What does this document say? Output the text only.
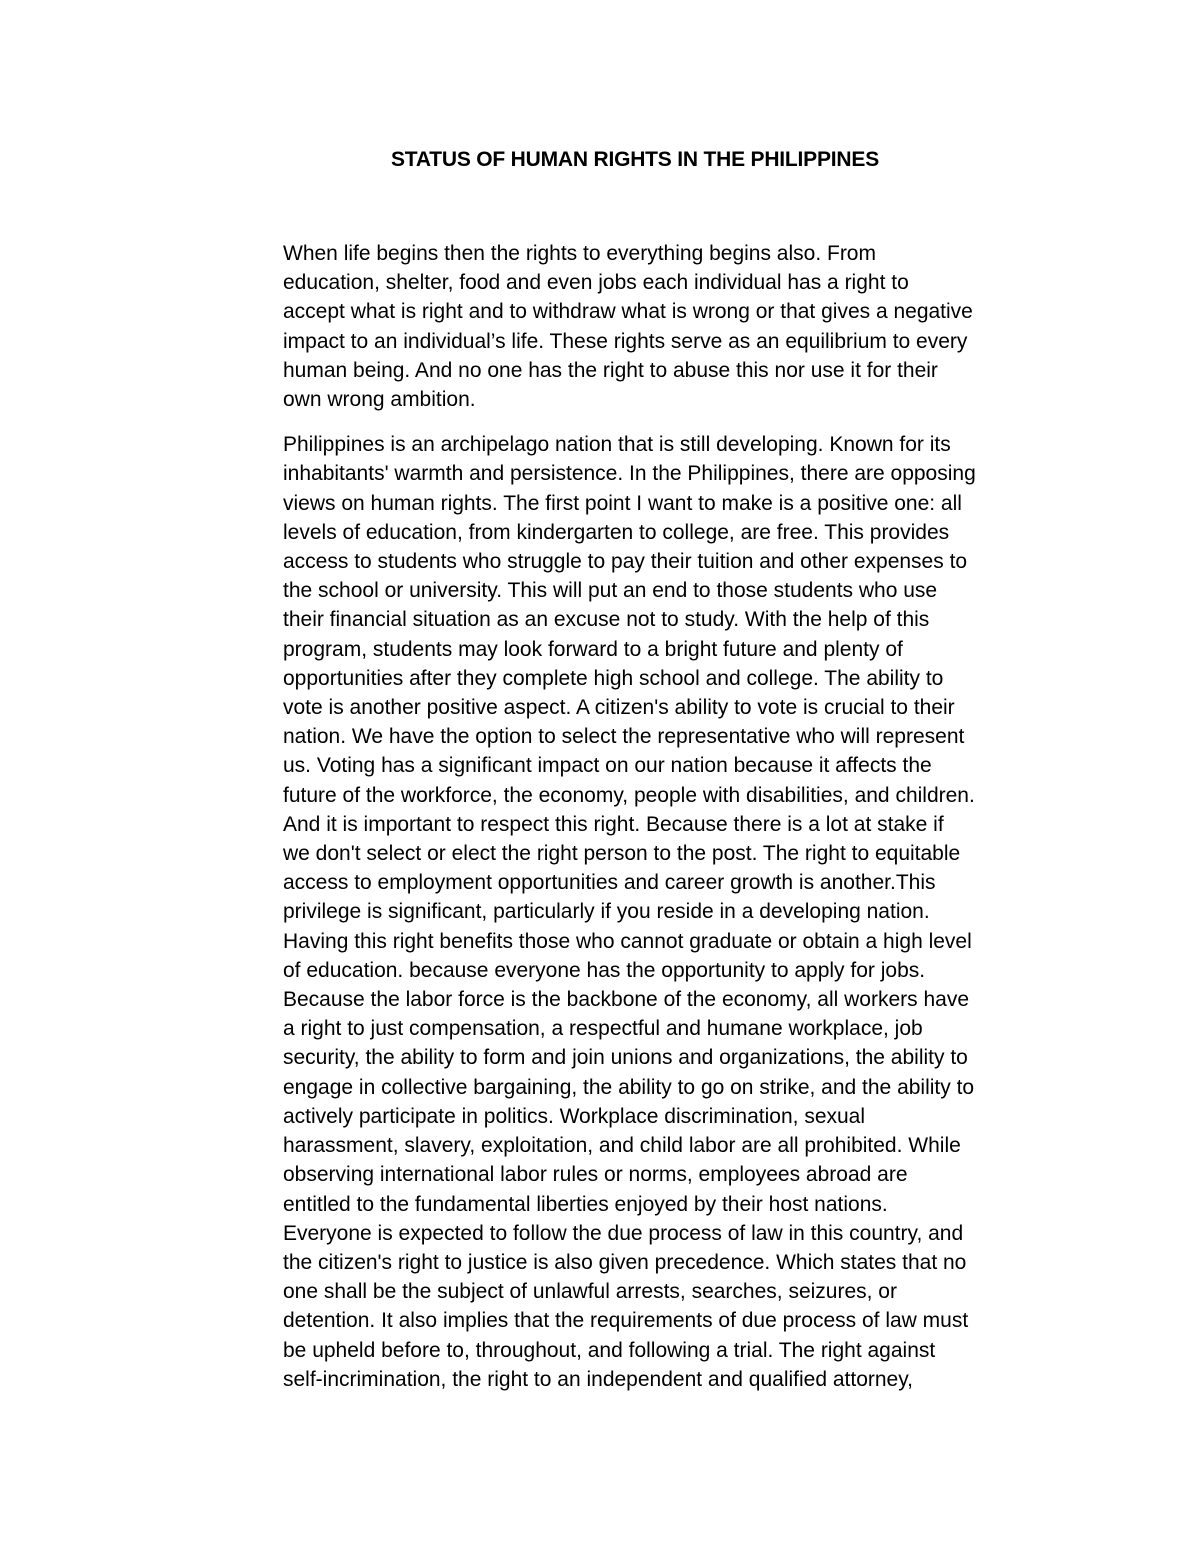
STATUS OF HUMAN RIGHTS IN THE PHILIPPINES

When life begins then the rights to everything begins also. From
education, shelter, food and even jobs each individual has a right to
accept what is right and to withdraw what is wrong or that gives a negative
impact to an individual’s life. These rights serve as an equilibrium to every
human being. And no one has the right to abuse this nor use it for their
own wrong ambition.

Philippines is an archipelago nation that is still developing. Known for its
inhabitants' warmth and persistence. In the Philippines, there are opposing
views on human rights. The first point I want to make is a positive one: all
levels of education, from kindergarten to college, are free. This provides
access to students who struggle to pay their tuition and other expenses to
the school or university. This will put an end to those students who use
their financial situation as an excuse not to study. With the help of this
program, students may look forward to a bright future and plenty of
opportunities after they complete high school and college. The ability to
vote is another positive aspect. A citizen's ability to vote is crucial to their
nation. We have the option to select the representative who will represent
us. Voting has a significant impact on our nation because it affects the
future of the workforce, the economy, people with disabilities, and children.
And it is important to respect this right. Because there is a lot at stake if
we don't select or elect the right person to the post. The right to equitable
access to employment opportunities and career growth is another.This
privilege is significant, particularly if you reside in a developing nation.
Having this right benefits those who cannot graduate or obtain a high level
of education. because everyone has the opportunity to apply for jobs.
Because the labor force is the backbone of the economy, all workers have
a right to just compensation, a respectful and humane workplace, job
security, the ability to form and join unions and organizations, the ability to
engage in collective bargaining, the ability to go on strike, and the ability to
actively participate in politics. Workplace discrimination, sexual
harassment, slavery, exploitation, and child labor are all prohibited. While
observing international labor rules or norms, employees abroad are
entitled to the fundamental liberties enjoyed by their host nations.
Everyone is expected to follow the due process of law in this country, and
the citizen's right to justice is also given precedence. Which states that no
one shall be the subject of unlawful arrests, searches, seizures, or
detention. It also implies that the requirements of due process of law must
be upheld before to, throughout, and following a trial. The right against
self-incrimination, the right to an independent and qualified attorney,
